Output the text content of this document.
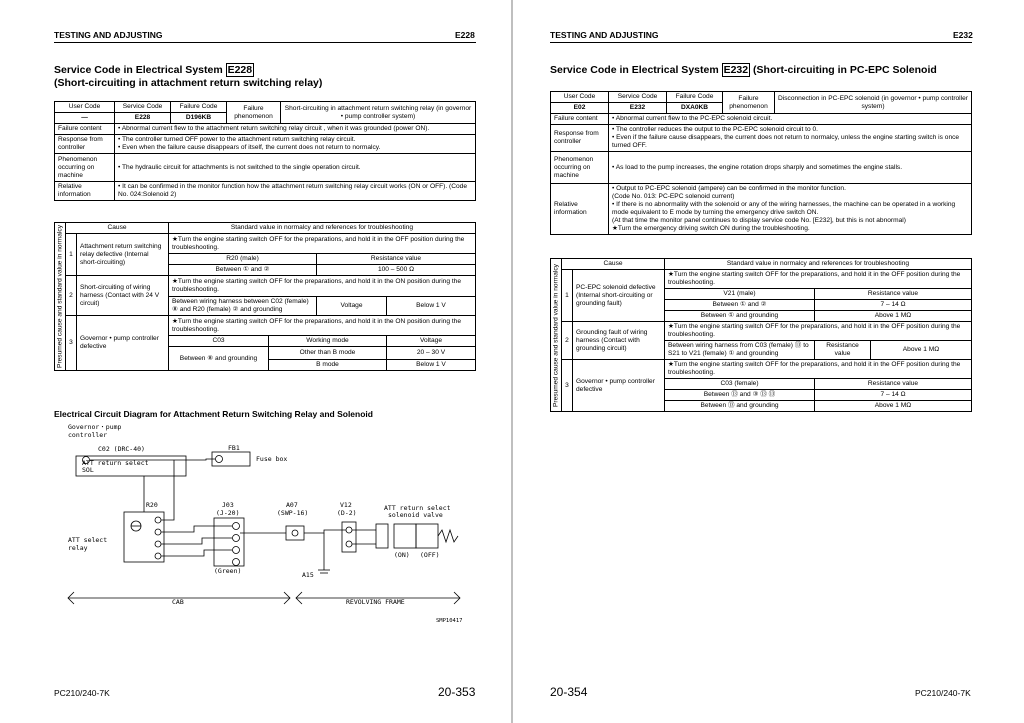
TESTING AND ADJUSTING	E228
Service Code in Electrical System E228
(Short-circuiting in attachment return switching relay)
User Code	Service Code	Failure Code	Failure phenomenon	Short-circuiting in attachment return switching relay (in governor • pump controller system)
—	E228	D196KB		
Failure content	• Abnormal current flew to the attachment return switching relay circuit , when it was grounded (power ON).			
Response from controller	• The controller turned OFF power to the attachment return switching relay circuit.
• Even when the failure cause disappears of itself, the current does not return to normalcy.			
Phenomenon occurring on machine	• The hydraulic circuit for attachments is not switched to the single operation circuit.			
Relative information	• It can be confirmed in the monitor function how the attachment return switching relay circuit works (ON or OFF). (Code No. 024:Solenoid 2)			
Presumed cause and standard value in normalcy	Cause		Standard value in normalcy and references for troubleshooting			
	1	Attachment return switching relay defective (Internal short-circuiting)	★Turn the engine starting switch OFF for the preparations, and hold it in the OFF position during the troubleshooting.			
			R20 (male)		Resistance value	
			Between ① and ②		100 – 500 Ω	
	2	Short-circuiting of wiring harness (Contact with 24 V circuit)	★Turn the engine starting switch OFF for the preparations, and hold it in the ON position during the troubleshooting.			
			Between wiring harness between C02 (female) ⑧ and R20 (female) ② and grounding		Voltage	Below 1 V
	3	Governor • pump controller defective	★Turn the engine starting switch OFF for the preparations, and hold it in the ON position during the troubleshooting.			
			C03	Working mode		Voltage
			Between ⑧ and grounding	Other than B mode		20 – 30 V
				B mode		Below 1 V
Electrical Circuit Diagram for Attachment Return Switching Relay and Solenoid
Governor・pump
controller
C02 (DRC-40)
ATT return select
SOL
FB1
Fuse box
R20
ATT select
relay
J03
(J-20)
(Green)
A07
(SWP-16)
V12
(D-2)
ATT return select
solenoid valve
(ON) (OFF)
A15
CAB	REVOLVING FRAME
SMP10417
PC210/240-7K	20-353
TESTING AND ADJUSTING	E232
Service Code in Electrical System E232 (Short-circuiting in PC-EPC Solenoid
User Code	Service Code	Failure Code	Failure phenomenon	Disconnection in PC-EPC solenoid (in governor • pump controller system)
E02	E232	DXA0KB		
Failure content	• Abnormal current flew to the PC-EPC solenoid circuit.			
Response from controller	• The controller reduces the output to the PC-EPC solenoid circuit to 0.
• Even if the failure cause disappears, the current does not return to normalcy, unless the engine starting switch is once turned OFF.			
Phenomenon occurring on machine	• As load to the pump increases, the engine rotation drops sharply and sometimes the engine stalls.			
Relative information	• Output to PC-EPC solenoid (ampere) can be confirmed in the monitor function.
(Code No. 013: PC-EPC solenoid current)
• If there is no abnormality with the solenoid or any of the wiring harnesses, the machine can be operated in a working mode equivalent to E mode by turning the emergency drive switch ON.
(At that time the monitor panel continues to display service code No. [E232], but this is not abnormal)
★Turn the emergency driving switch ON during the troubleshooting.			
Presumed cause and standard value in normalcy	Cause		Standard value in normalcy and references for troubleshooting		
	1	PC-EPC solenoid defective (Internal short-circuiting or grounding fault)	★Turn the engine starting switch OFF for the preparations, and hold it in the OFF position during the troubleshooting.		
			V21 (male)	Resistance value	
			Between ① and ②	7 – 14 Ω	
			Between ① and grounding	Above 1 MΩ	
	2	Grounding fault of wiring harness (Contact with grounding circuit)	★Turn the engine starting switch OFF for the preparations, and hold it in the OFF position during the troubleshooting.		
			Between wiring harness from C03 (female) ⑬ to S21 to V21 (female) ① and grounding	Resistance value	Above 1 MΩ
	3	Governor • pump controller defective	★Turn the engine starting switch OFF for the preparations, and hold it in the OFF position during the troubleshooting.		
			C03 (female)	Resistance value	
			Between ⑬ and ③ ⑬ ⑬	7 – 14 Ω	
			Between ⑬ and grounding	Above 1 MΩ	
20-354	PC210/240-7K
